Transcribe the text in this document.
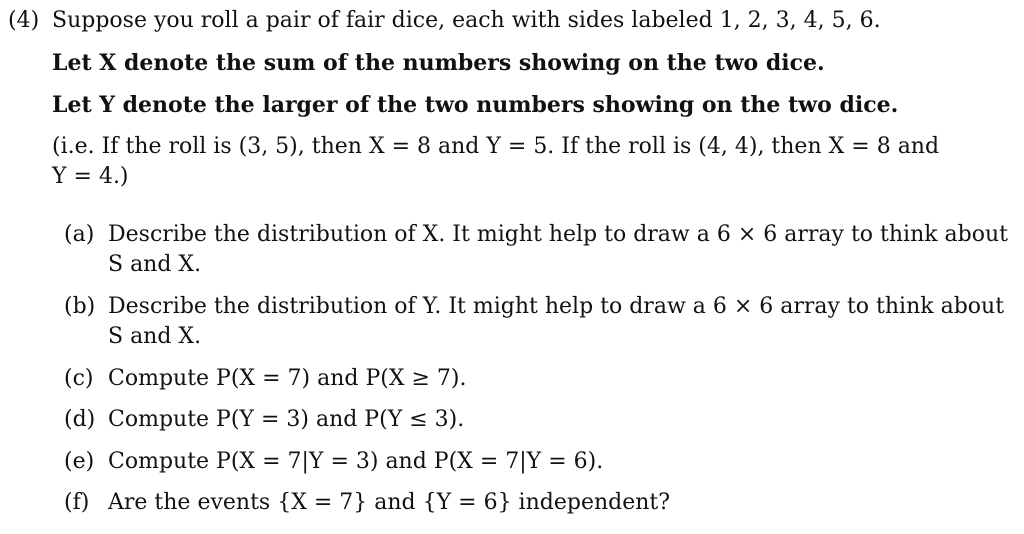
(4) Suppose you roll a pair of fair dice, each with sides labeled 1, 2, 3, 4, 5, 6.
Let X denote the sum of the numbers showing on the two dice.
Let Y denote the larger of the two numbers showing on the two dice.
(i.e. If the roll is (3, 5), then X = 8 and Y = 5. If the roll is (4, 4), then X = 8 and
Y = 4.)
(a) Describe the distribution of X. It might help to draw a 6 × 6 array to think about
S and X.
(b) Describe the distribution of Y. It might help to draw a 6 × 6 array to think about
S and X.
(c) Compute P(X = 7) and P(X ≥ 7).
(d) Compute P(Y = 3) and P(Y ≤ 3).
(e) Compute P(X = 7|Y = 3) and P(X = 7|Y = 6).
(f) Are the events {X = 7} and {Y = 6} independent?
